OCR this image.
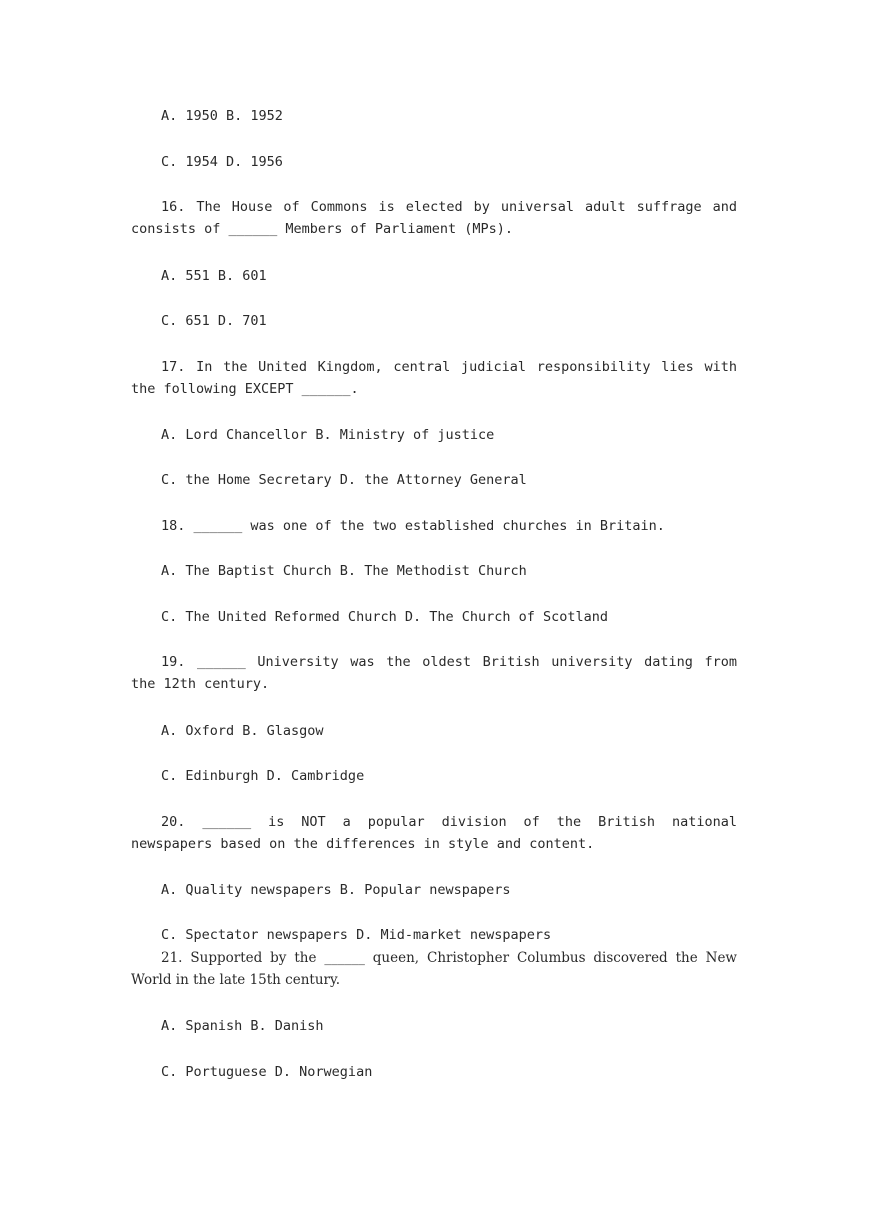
A. 1950 B. 1952
C. 1954 D. 1956
16. The House of Commons is elected by universal adult suffrage and consists of ______ Members of Parliament (MPs).
A. 551 B. 601
C. 651 D. 701
17. In the United Kingdom, central judicial responsibility lies with the following EXCEPT ______.
A. Lord Chancellor B. Ministry of justice
C. the Home Secretary D. the Attorney General
18. ______ was one of the two established churches in Britain.
A. The Baptist Church B. The Methodist Church
C. The United Reformed Church D. The Church of Scotland
19. ______ University was the oldest British university dating from the 12th century.
A. Oxford B. Glasgow
C. Edinburgh D. Cambridge
20. ______ is NOT a popular division of the British national newspapers based on the differences in style and content.
A. Quality newspapers B. Popular newspapers
C. Spectator newspapers D. Mid-market newspapers
21. Supported by the ______ queen, Christopher Columbus discovered the New World in the late 15th century.
A. Spanish B. Danish
C. Portuguese D. Norwegian
